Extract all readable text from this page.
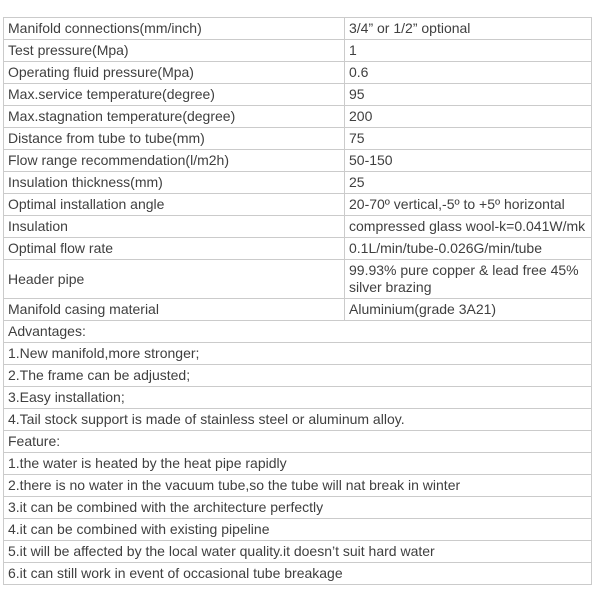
Manifold connections(mm/inch)	3/4” or 1/2” optional
Test pressure(Mpa)	1
Operating fluid pressure(Mpa)	0.6
Max.service temperature(degree)	95
Max.stagnation temperature(degree)	200
Distance from tube to tube(mm)	75
Flow range recommendation(l/m2h)	50-150
Insulation thickness(mm)	25
Optimal installation angle	20-70º vertical,-5º to +5º horizontal
Insulation	compressed glass wool-k=0.041W/mk
Optimal flow rate	0.1L/min/tube-0.026G/min/tube
Header pipe	99.93% pure copper & lead free 45% silver brazing
Manifold casing material	Aluminium(grade 3A21)
Advantages:	
1.New manifold,more stronger;	
2.The frame can be adjusted;	
3.Easy installation;	
4.Tail stock support is made of stainless steel or aluminum alloy.	
Feature:	
1.the water is heated by the heat pipe rapidly	
2.there is no water in the vacuum tube,so the tube will nat break in winter	
3.it can be combined with the architecture perfectly	
4.it can be combined with existing pipeline	
5.it will be affected by the local water quality.it doesn’t suit hard water	
6.it can still work in event of occasional tube breakage	
